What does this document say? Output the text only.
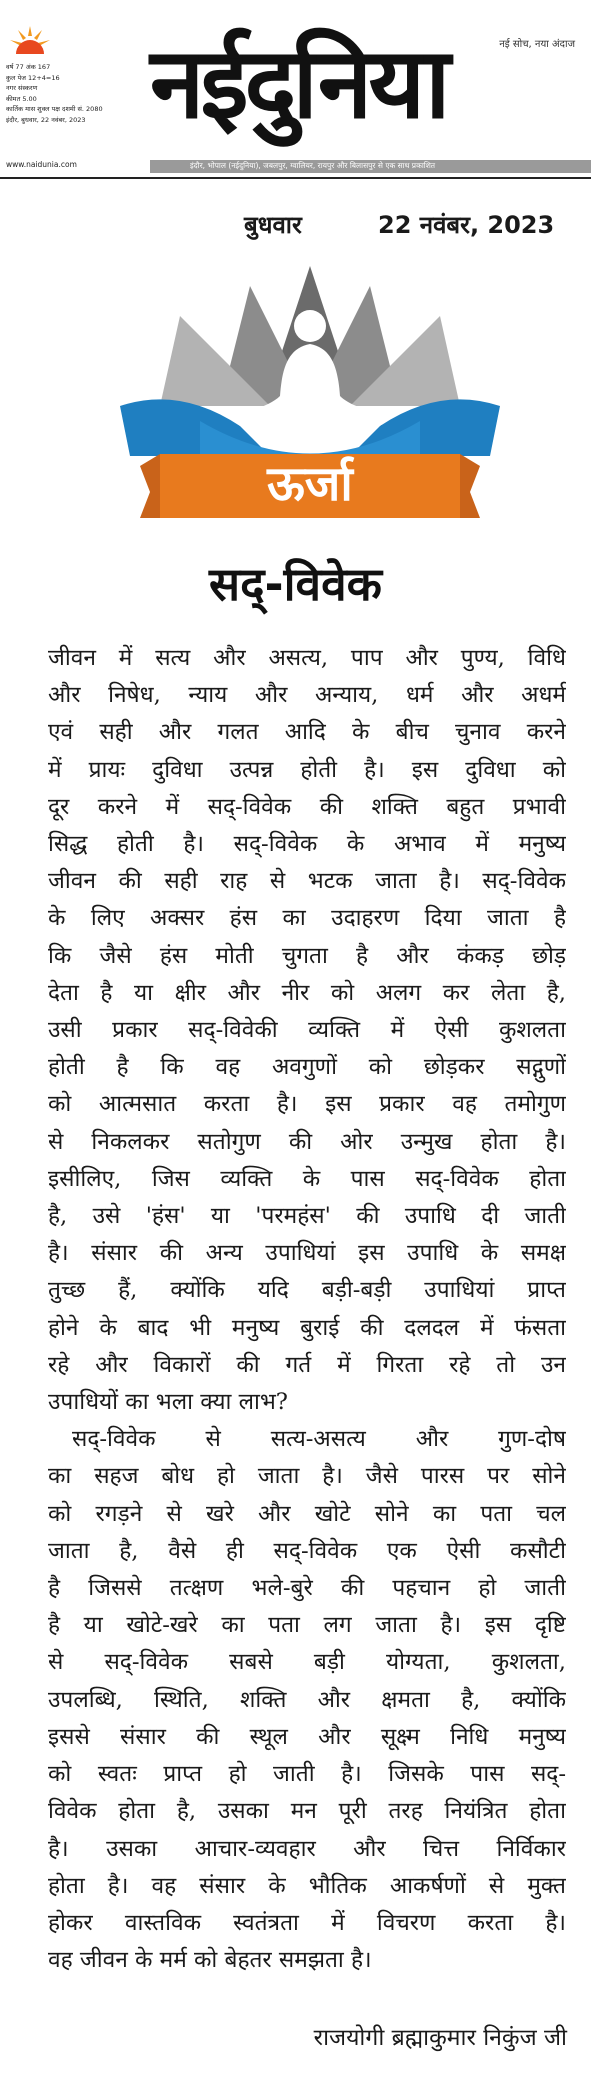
वर्ष 77 अंक 167
कुल पेज 12+4=16
नगर संस्करण
कीमत 5.00
कार्तिक मास शुक्ल पक्ष दशमी सं. 2080
इंदौर, बुधवार, 22 नवंबर, 2023
नई सोच, नया अंदाज
नईदुनिया
www.naidunia.com	इंदौर, भोपाल (नईदुनिया), जबलपुर, ग्वालियर, रायपुर और बिलासपुर से एक साथ प्रकाशित
बुधवार	22 नवंबर, 2023
ऊर्जा
सद्-विवेक
जीवन में सत्य और असत्य, पाप और पुण्य, विधि
और निषेध, न्याय और अन्याय, धर्म और अधर्म
एवं सही और गलत आदि के बीच चुनाव करने
में प्रायः दुविधा उत्पन्न होती है। इस दुविधा को
दूर करने में सद्-विवेक की शक्ति बहुत प्रभावी
सिद्ध होती है। सद्-विवेक के अभाव में मनुष्य
जीवन की सही राह से भटक जाता है। सद्-विवेक
के लिए अक्सर हंस का उदाहरण दिया जाता है
कि जैसे हंस मोती चुगता है और कंकड़ छोड़
देता है या क्षीर और नीर को अलग कर लेता है,
उसी प्रकार सद्-विवेकी व्यक्ति में ऐसी कुशलता
होती है कि वह अवगुणों को छोड़कर सद्गुणों
को आत्मसात करता है। इस प्रकार वह तमोगुण
से निकलकर सतोगुण की ओर उन्मुख होता है।
इसीलिए, जिस व्यक्ति के पास सद्-विवेक होता
है, उसे 'हंस' या 'परमहंस' की उपाधि दी जाती
है। संसार की अन्य उपाधियां इस उपाधि के समक्ष
तुच्छ हैं, क्योंकि यदि बड़ी-बड़ी उपाधियां प्राप्त
होने के बाद भी मनुष्य बुराई की दलदल में फंसता
रहे और विकारों की गर्त में गिरता रहे तो उन
उपाधियों का भला क्या लाभ?
सद्-विवेक से सत्य-असत्य और गुण-दोष
का सहज बोध हो जाता है। जैसे पारस पर सोने
को रगड़ने से खरे और खोटे सोने का पता चल
जाता है, वैसे ही सद्-विवेक एक ऐसी कसौटी
है जिससे तत्क्षण भले-बुरे की पहचान हो जाती
है या खोटे-खरे का पता लग जाता है। इस दृष्टि
से सद्-विवेक सबसे बड़ी योग्यता, कुशलता,
उपलब्धि, स्थिति, शक्ति और क्षमता है, क्योंकि
इससे संसार की स्थूल और सूक्ष्म निधि मनुष्य
को स्वतः प्राप्त हो जाती है। जिसके पास सद्-
विवेक होता है, उसका मन पूरी तरह नियंत्रित होता
है। उसका आचार-व्यवहार और चित्त निर्विकार
होता है। वह संसार के भौतिक आकर्षणों से मुक्त
होकर वास्तविक स्वतंत्रता में विचरण करता है।
वह जीवन के मर्म को बेहतर समझता है।
राजयोगी ब्रह्माकुमार निकुंज जी
